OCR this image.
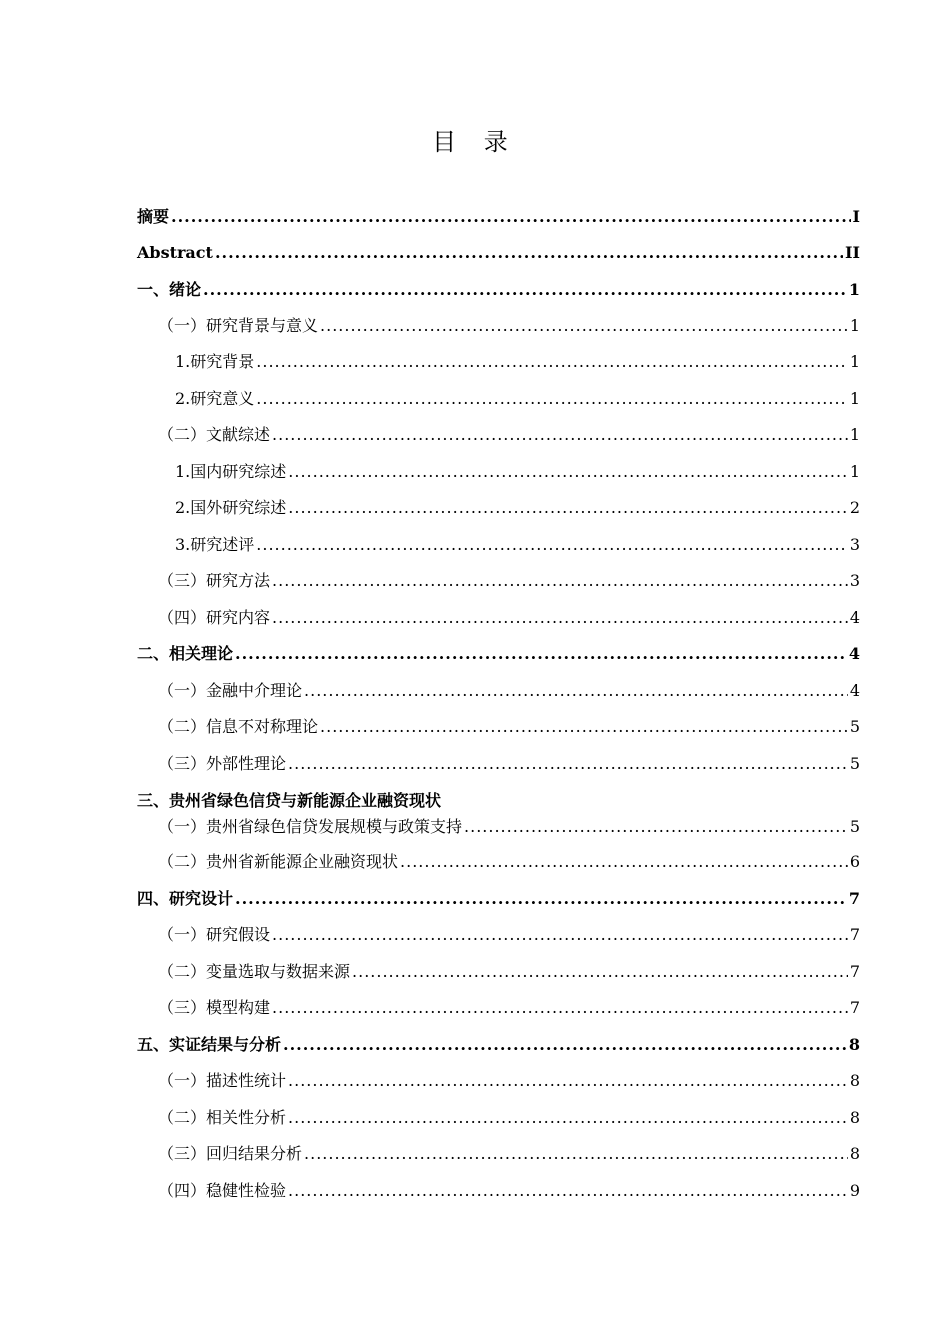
目 录
摘要 .....	I
Abstract .....	II
一、绪论 .....	1
（一）研究背景与意义 .....	1
1.研究背景 .....	1
2.研究意义 .....	1
（二）文献综述 .....	1
1.国内研究综述 .....	1
2.国外研究综述 .....	2
3.研究述评 .....	3
（三）研究方法 .....	3
（四）研究内容 .....	4
二、相关理论 .....	4
（一）金融中介理论 .....	4
（二）信息不对称理论 .....	5
（三）外部性理论 .....	5
三、贵州省绿色信贷与新能源企业融资现状
（一）贵州省绿色信贷发展规模与政策支持 .....	5
（二）贵州省新能源企业融资现状 .....	6
四、研究设计 .....	7
（一）研究假设 .....	7
（二）变量选取与数据来源 .....	7
（三）模型构建 .....	7
五、实证结果与分析 .....	8
（一）描述性统计 .....	8
（二）相关性分析 .....	8
（三）回归结果分析 .....	8
（四）稳健性检验 .....	9
